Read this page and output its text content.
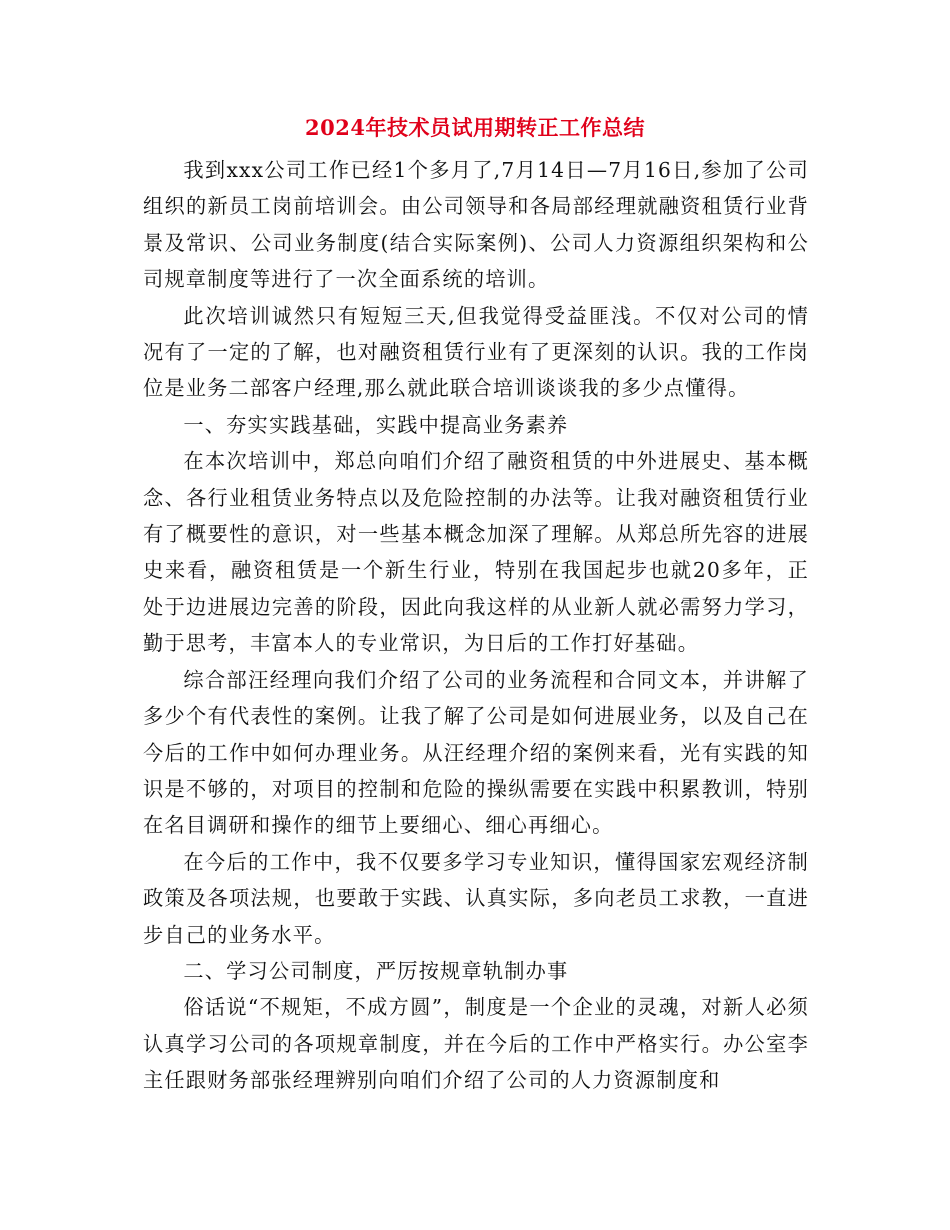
2024年技术员试用期转正工作总结

我到xxx公司工作已经1个多月了,7月14日—7月16日,参加了公司组织的新员工岗前培训会。由公司领导和各局部经理就融资租赁行业背景及常识、公司业务制度(结合实际案例)、公司人力资源组织架构和公司规章制度等进行了一次全面系统的培训。

此次培训诚然只有短短三天,但我觉得受益匪浅。不仅对公司的情况有了一定的了解，也对融资租赁行业有了更深刻的认识。我的工作岗位是业务二部客户经理,那么就此联合培训谈谈我的多少点懂得。

一、夯实实践基础，实践中提高业务素养

在本次培训中，郑总向咱们介绍了融资租赁的中外进展史、基本概念、各行业租赁业务特点以及危险控制的办法等。让我对融资租赁行业有了概要性的意识，对一些基本概念加深了理解。从郑总所先容的进展史来看，融资租赁是一个新生行业，特别在我国起步也就20多年，正处于边进展边完善的阶段，因此向我这样的从业新人就必需努力学习，勤于思考，丰富本人的专业常识，为日后的工作打好基础。

综合部汪经理向我们介绍了公司的业务流程和合同文本，并讲解了多少个有代表性的案例。让我了解了公司是如何进展业务，以及自己在今后的工作中如何办理业务。从汪经理介绍的案例来看，光有实践的知识是不够的，对项目的控制和危险的操纵需要在实践中积累教训，特别在名目调研和操作的细节上要细心、细心再细心。

在今后的工作中，我不仅要多学习专业知识，懂得国家宏观经济制政策及各项法规，也要敢于实践、认真实际，多向老员工求教，一直进步自己的业务水平。

二、学习公司制度，严厉按规章轨制办事

俗话说“不规矩，不成方圆”，制度是一个企业的灵魂，对新人必须认真学习公司的各项规章制度，并在今后的工作中严格实行。办公室李主任跟财务部张经理辨别向咱们介绍了公司的人力资源制度和
